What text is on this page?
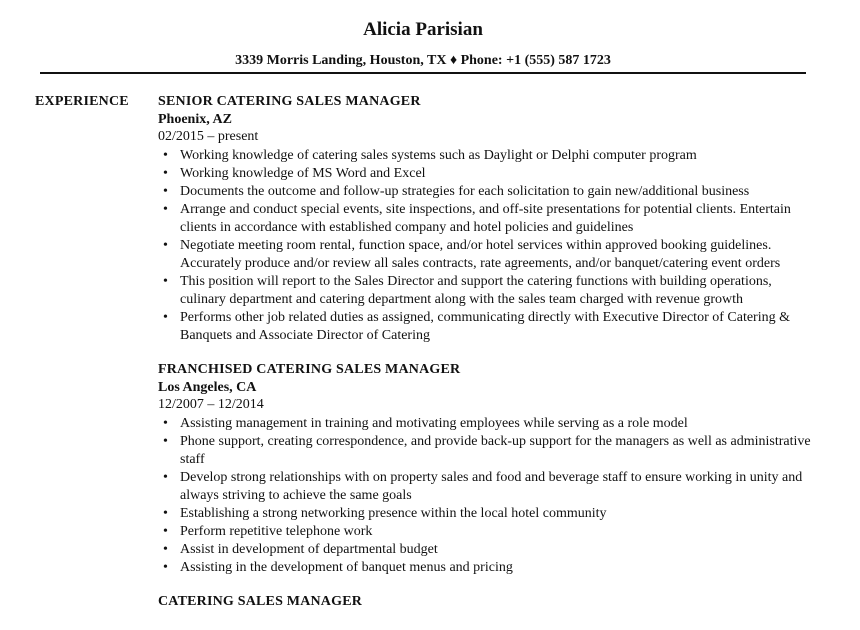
Alicia Parisian
3339 Morris Landing, Houston, TX ♦ Phone: +1 (555) 587 1723
EXPERIENCE SENIOR CATERING SALES MANAGER
Phoenix, AZ
02/2015 – present
• Working knowledge of catering sales systems such as Daylight or Delphi computer program
• Working knowledge of MS Word and Excel
• Documents the outcome and follow-up strategies for each solicitation to gain new/additional business
• Arrange and conduct special events, site inspections, and off-site presentations for potential clients. Entertain clients in accordance with established company and hotel policies and guidelines
• Negotiate meeting room rental, function space, and/or hotel services within approved booking guidelines. Accurately produce and/or review all sales contracts, rate agreements, and/or banquet/catering event orders
• This position will report to the Sales Director and support the catering functions with building operations, culinary department and catering department along with the sales team charged with revenue growth
• Performs other job related duties as assigned, communicating directly with Executive Director of Catering & Banquets and Associate Director of Catering
FRANCHISED CATERING SALES MANAGER
Los Angeles, CA
12/2007 – 12/2014
• Assisting management in training and motivating employees while serving as a role model
• Phone support, creating correspondence, and provide back-up support for the managers as well as administrative staff
• Develop strong relationships with on property sales and food and beverage staff to ensure working in unity and always striving to achieve the same goals
• Establishing a strong networking presence within the local hotel community
• Perform repetitive telephone work
• Assist in development of departmental budget
• Assisting in the development of banquet menus and pricing
CATERING SALES MANAGER
